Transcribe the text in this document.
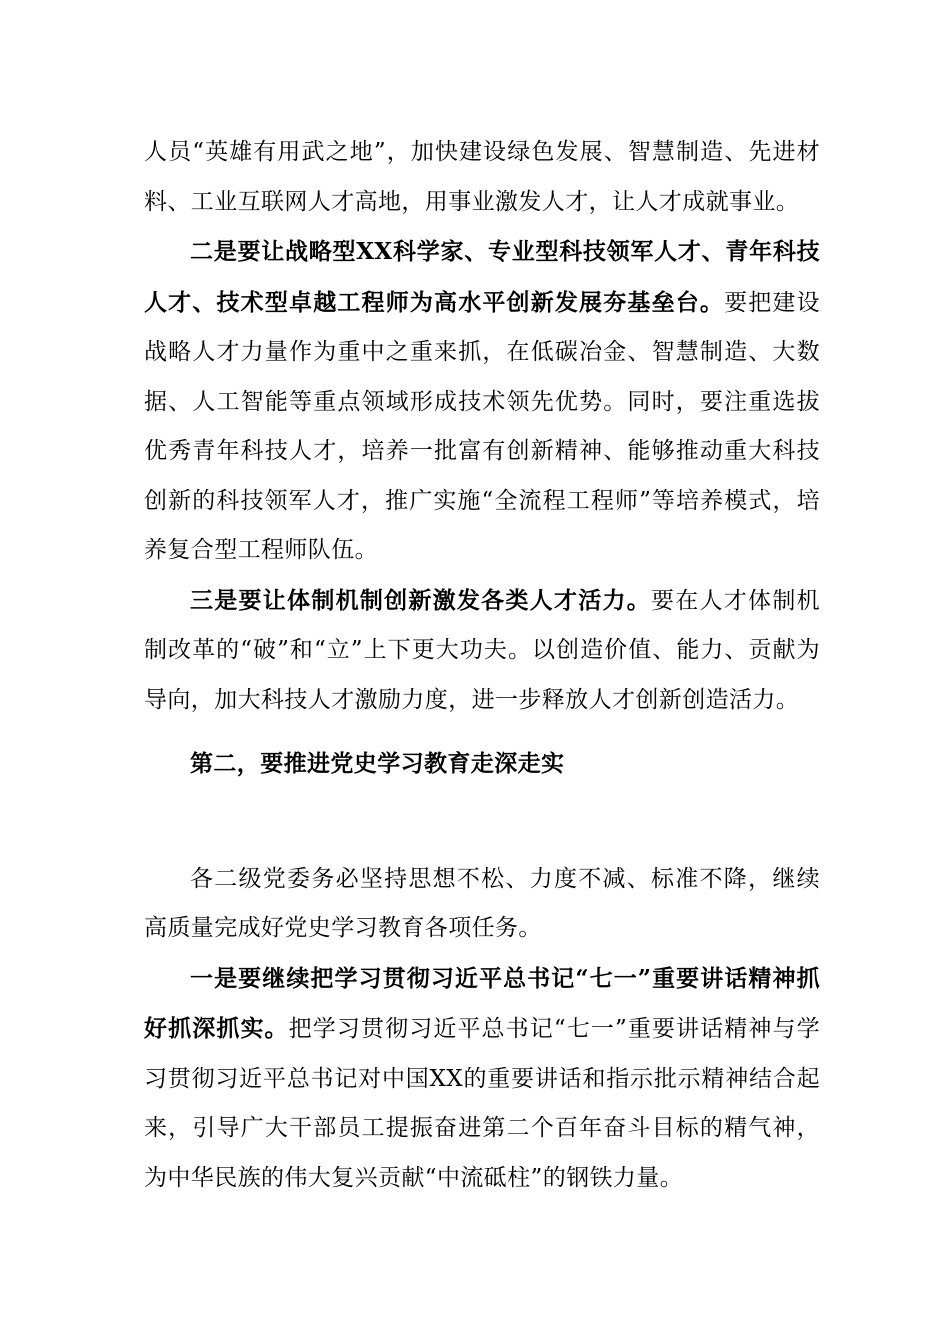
人员“英雄有用武之地”，加快建设绿色发展、智慧制造、先进材料、工业互联网人才高地，用事业激发人才，让人才成就事业。

二是要让战略型XX科学家、专业型科技领军人才、青年科技人才、技术型卓越工程师为高水平创新发展夯基垒台。要把建设战略人才力量作为重中之重来抓，在低碳冶金、智慧制造、大数据、人工智能等重点领域形成技术领先优势。同时，要注重选拔优秀青年科技人才，培养一批富有创新精神、能够推动重大科技创新的科技领军人才，推广实施“全流程工程师”等培养模式，培养复合型工程师队伍。

三是要让体制机制创新激发各类人才活力。要在人才体制机制改革的“破”和“立”上下更大功夫。以创造价值、能力、贡献为导向，加大科技人才激励力度，进一步释放人才创新创造活力。

第二，要推进党史学习教育走深走实

各二级党委务必坚持思想不松、力度不减、标准不降，继续高质量完成好党史学习教育各项任务。

一是要继续把学习贯彻习近平总书记“七一”重要讲话精神抓好抓深抓实。把学习贯彻习近平总书记“七一”重要讲话精神与学习贯彻习近平总书记对中国XX的重要讲话和指示批示精神结合起来，引导广大干部员工提振奋进第二个百年奋斗目标的精气神，为中华民族的伟大复兴贡献“中流砥柱”的钢铁力量。
